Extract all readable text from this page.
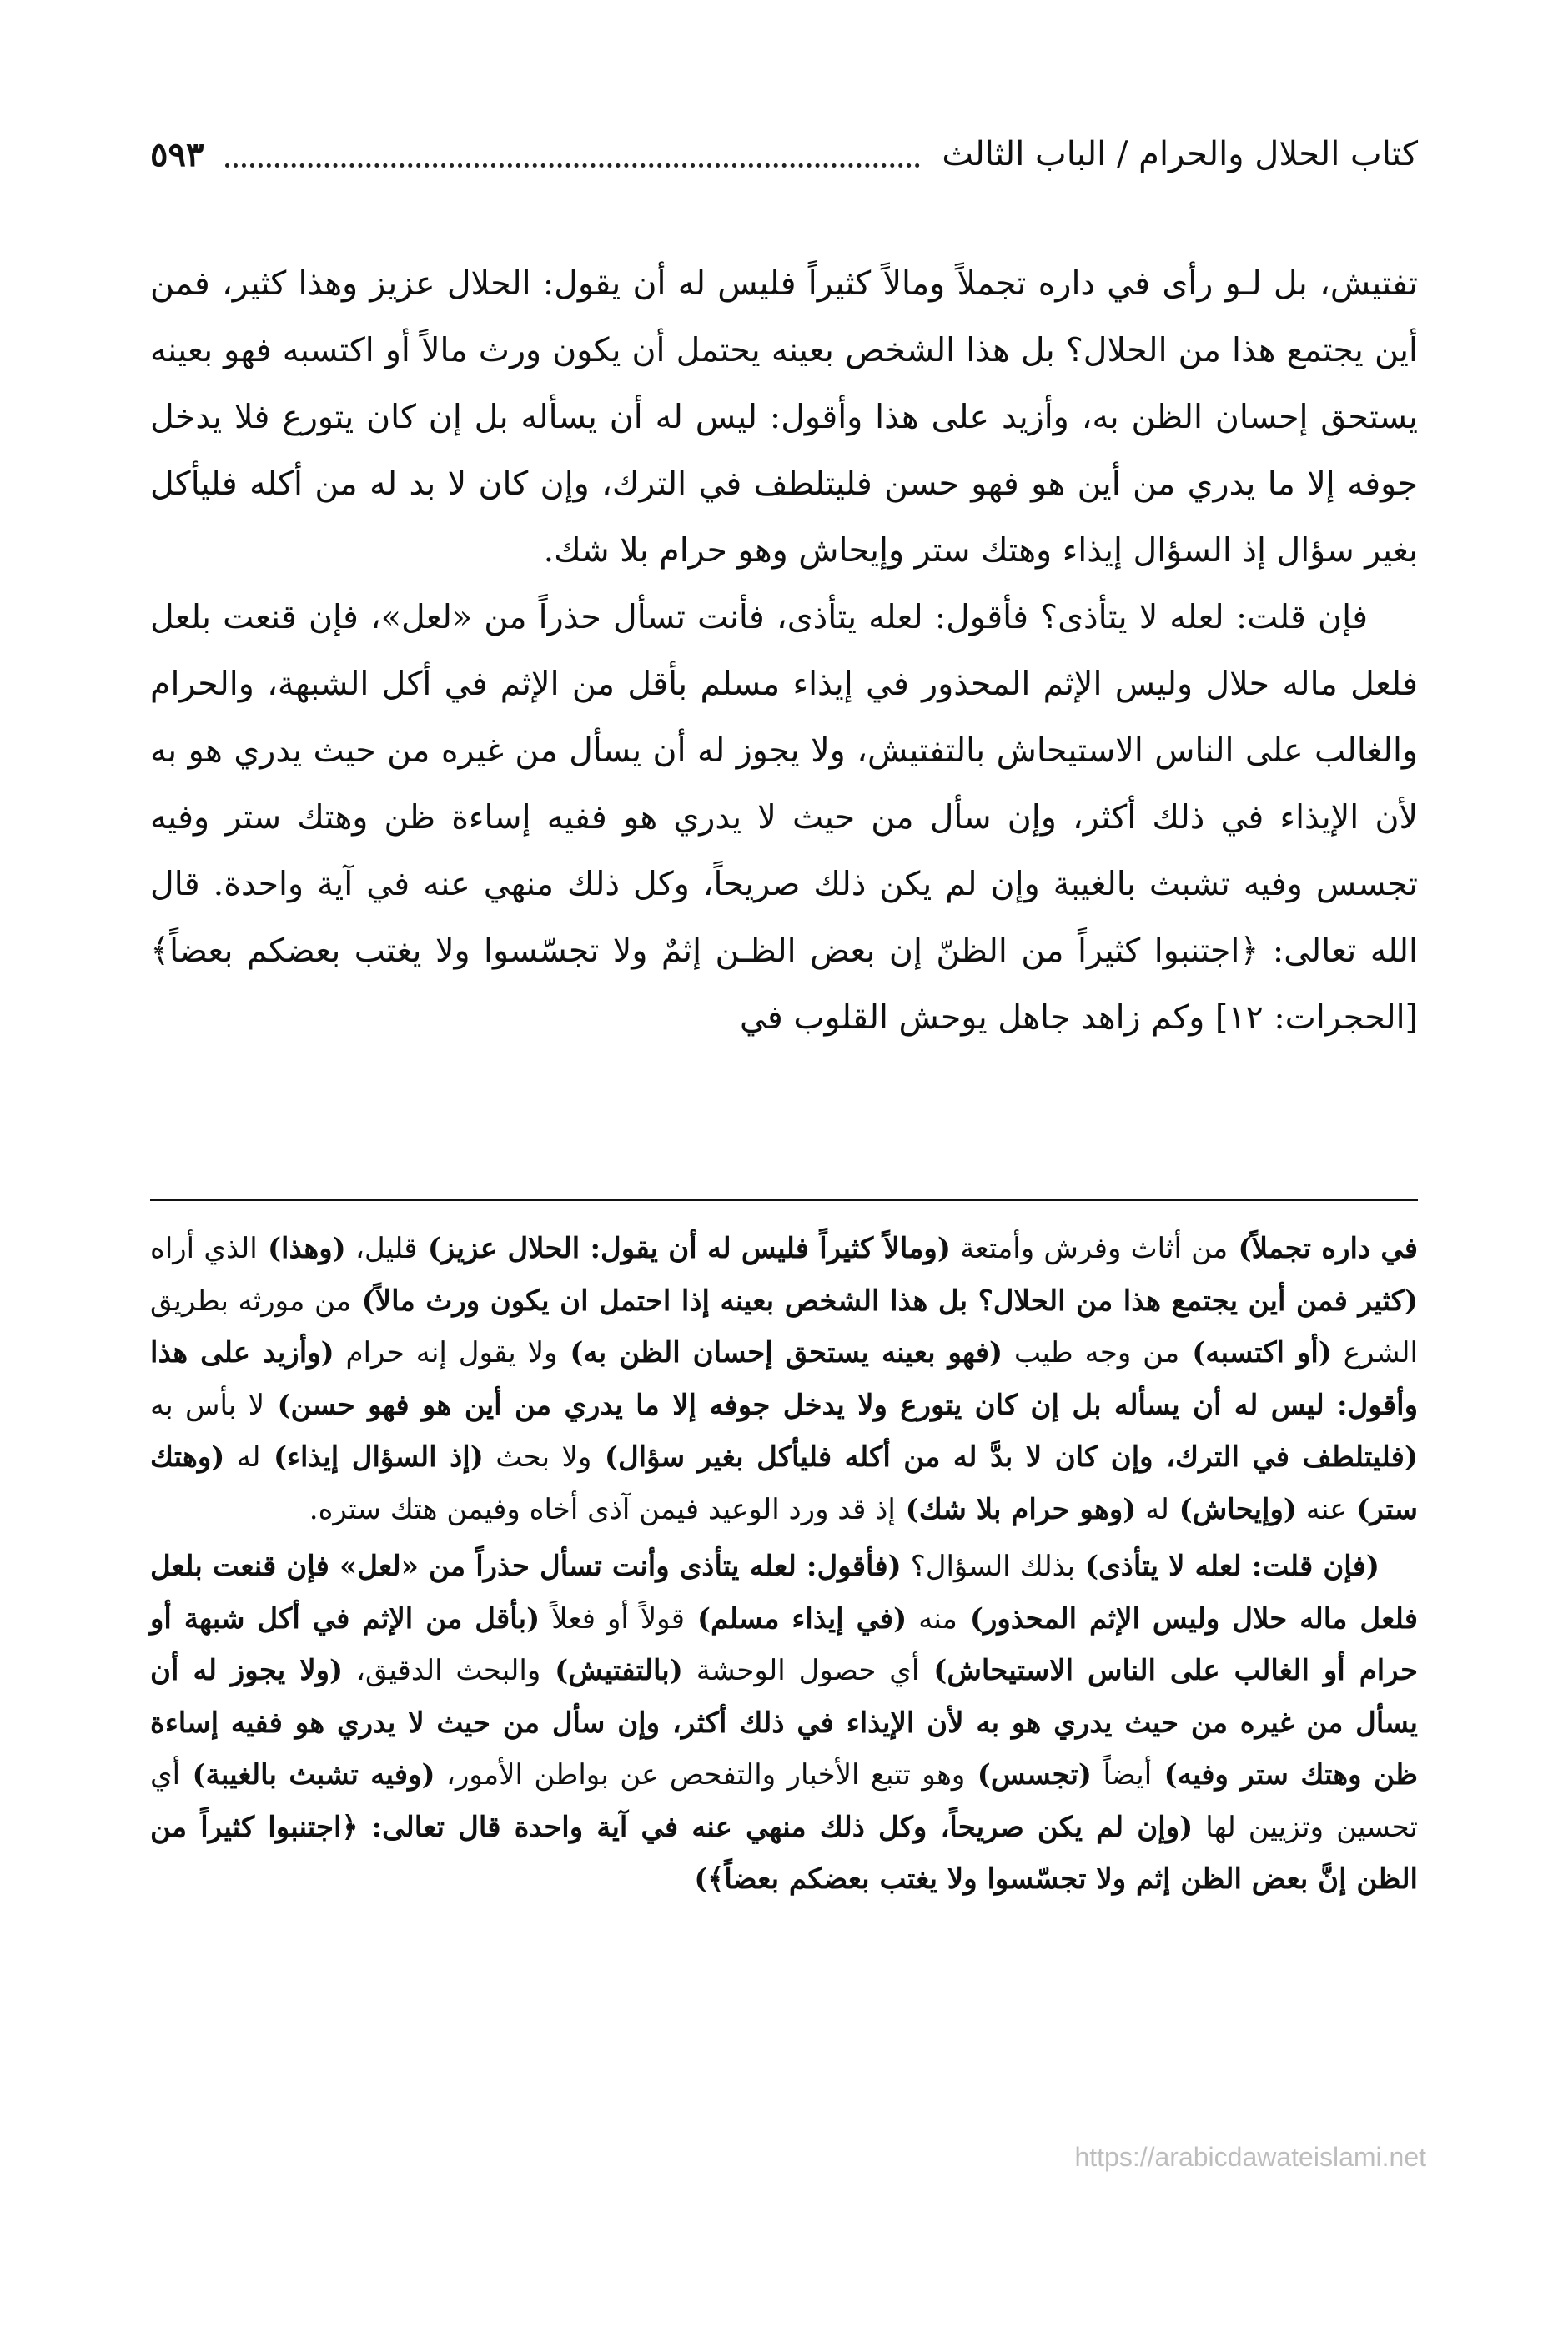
كتاب الحلال والحرام / الباب الثالث
٥٩٣

تفتيش، بل لـو رأى في داره تجملاً ومالاً كثيراً فليس له أن يقول: الحلال عزيز وهذا كثير، فمن أين يجتمع هذا من الحلال؟ بل هذا الشخص بعينه يحتمل أن يكون ورث مالاً أو اكتسبه فهو بعينه يستحق إحسان الظن به، وأزيد على هذا وأقول: ليس له أن يسأله بل إن كان يتورع فلا يدخل جوفه إلا ما يدري من أين هو فهو حسن فليتلطف في الترك، وإن كان لا بد له من أكله فليأكل بغير سؤال إذ السؤال إيذاء وهتك ستر وإيحاش وهو حرام بلا شك.

فإن قلت: لعله لا يتأذى؟ فأقول: لعله يتأذى، فأنت تسأل حذراً من «لعل»، فإن قنعت بلعل فلعل ماله حلال وليس الإثم المحذور في إيذاء مسلم بأقل من الإثم في أكل الشبهة، والحرام والغالب على الناس الاستيحاش بالتفتيش، ولا يجوز له أن يسأل من غيره من حيث يدري هو به لأن الإيذاء في ذلك أكثر، وإن سأل من حيث لا يدري هو ففيه إساءة ظن وهتك ستر وفيه تجسس وفيه تشبث بالغيبة وإن لم يكن ذلك صريحاً، وكل ذلك منهي عنه في آية واحدة. قال الله تعالى: ﴿اجتنبوا كثيراً من الظنّ إن بعض الظـن إثمٌ ولا تجسّسوا ولا يغتب بعضكم بعضاً﴾ [الحجرات: ١٢] وكم زاهد جاهل يوحش القلوب في

في داره تجملاً) من أثاث وفرش وأمتعة (ومالاً كثيراً فليس له أن يقول: الحلال عزيز) قليل، (وهذا) الذي أراه (كثير فمن أين يجتمع هذا من الحلال؟ بل هذا الشخص بعينه إذا احتمل ان يكون ورث مالاً) من مورثه بطريق الشرع (أو اكتسبه) من وجه طيب (فهو بعينه يستحق إحسان الظن به) ولا يقول إنه حرام (وأزيد على هذا وأقول: ليس له أن يسأله بل إن كان يتورع ولا يدخل جوفه إلا ما يدري من أين هو فهو حسن) لا بأس به (فليتلطف في الترك، وإن كان لا بدَّ له من أكله فليأكل بغير سؤال) ولا بحث (إذ السؤال إيذاء) له (وهتك ستر) عنه (وإيحاش) له (وهو حرام بلا شك) إذ قد ورد الوعيد فيمن آذى أخاه وفيمن هتك ستره.

(فإن قلت: لعله لا يتأذى) بذلك السؤال؟ (فأقول: لعله يتأذى وأنت تسأل حذراً من «لعل» فإن قنعت بلعل فلعل ماله حلال وليس الإثم المحذور) منه (في إيذاء مسلم) قولاً أو فعلاً (بأقل من الإثم في أكل شبهة أو حرام أو الغالب على الناس الاستيحاش) أي حصول الوحشة (بالتفتيش) والبحث الدقيق، (ولا يجوز له أن يسأل من غيره من حيث يدري هو به لأن الإيذاء في ذلك أكثر، وإن سأل من حيث لا يدري هو ففيه إساءة ظن وهتك ستر وفيه) أيضاً (تجسس) وهو تتبع الأخبار والتفحص عن بواطن الأمور، (وفيه تشبث بالغيبة) أي تحسين وتزيين لها (وإن لم يكن صريحاً، وكل ذلك منهي عنه في آية واحدة قال تعالى: ﴿اجتنبوا كثيراً من الظن إنَّ بعض الظن إثم ولا تجسّسوا ولا يغتب بعضكم بعضاً﴾)

https://arabicdawateislami.net
